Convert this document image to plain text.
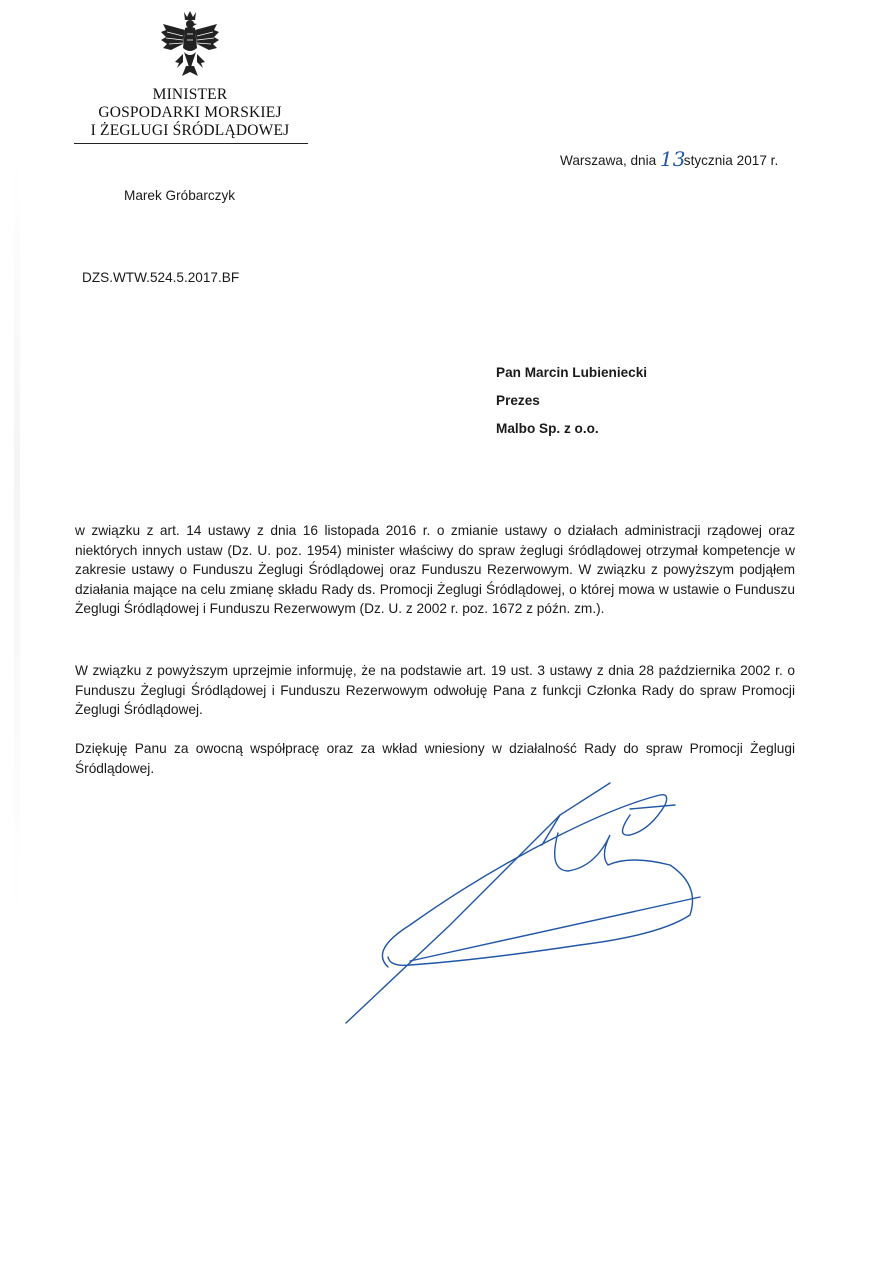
MINISTER
GOSPODARKI MORSKIEJ
I ŻEGLUGI ŚRÓDLĄDOWEJ
Warszawa, dnia 13 stycznia 2017 r.
Marek Gróbarczyk
DZS.WTW.524.5.2017.BF
Pan Marcin Lubieniecki
Prezes
Malbo Sp. z o.o.

w związku z art. 14 ustawy z dnia 16 listopada 2016 r. o zmianie ustawy o działach administracji rządowej oraz niektórych innych ustaw (Dz. U. poz. 1954) minister właściwy do spraw żeglugi śródlądowej otrzymał kompetencje w zakresie ustawy o Funduszu Żeglugi Śródlądowej oraz Funduszu Rezerwowym. W związku z powyższym podjąłem działania mające na celu zmianę składu Rady ds. Promocji Żeglugi Śródlądowej, o której mowa w ustawie o Funduszu Żeglugi Śródlądowej i Funduszu Rezerwowym (Dz. U. z 2002 r. poz. 1672 z późn. zm.).

W związku z powyższym uprzejmie informuję, że na podstawie art. 19 ust. 3 ustawy z dnia 28 października 2002 r. o Funduszu Żeglugi Śródlądowej i Funduszu Rezerwowym odwołuję Pana z funkcji Członka Rady do spraw Promocji Żeglugi Śródlądowej.

Dziękuję Panu za owocną współpracę oraz za wkład wniesiony w działalność Rady do spraw Promocji Żeglugi Śródlądowej.
